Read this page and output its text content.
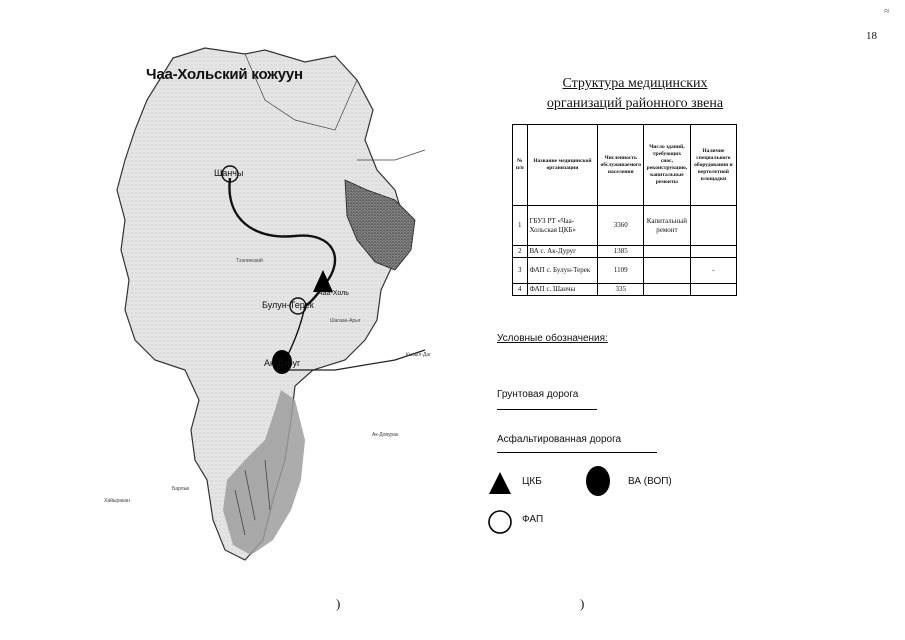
≈
18
Чаа-Хольский кожуун
Шанчы
Булун-Терек
Ак-Дуруг
Чаа-Холь
Тээлинский
Шагаан-Арыг
Кызыл-Даг
Ак-Довурак
Барлык
Хайыракан
Структура медицинских
организаций районного звена
№ п/п	Название медицинской организации	Численность обслуживаемого населения	Число зданий, требующих снос, реконструкцию, капитальные ремонты	Наличие специального оборудования и вертолетной площадки
1	ГБУЗ РТ «Чаа-Хольская ЦКБ»	3360	Капитальный ремонт	
2	ВА с. Ак-Дуруг	1385		
3	ФАП с. Булун-Терек	1109		-
4	ФАП с. Шанчы	335		
Условные обозначения:
Грунтовая дорога
Асфальтированная дорога
ЦКБ	ВА (ВОП)
ФАП
)	)
